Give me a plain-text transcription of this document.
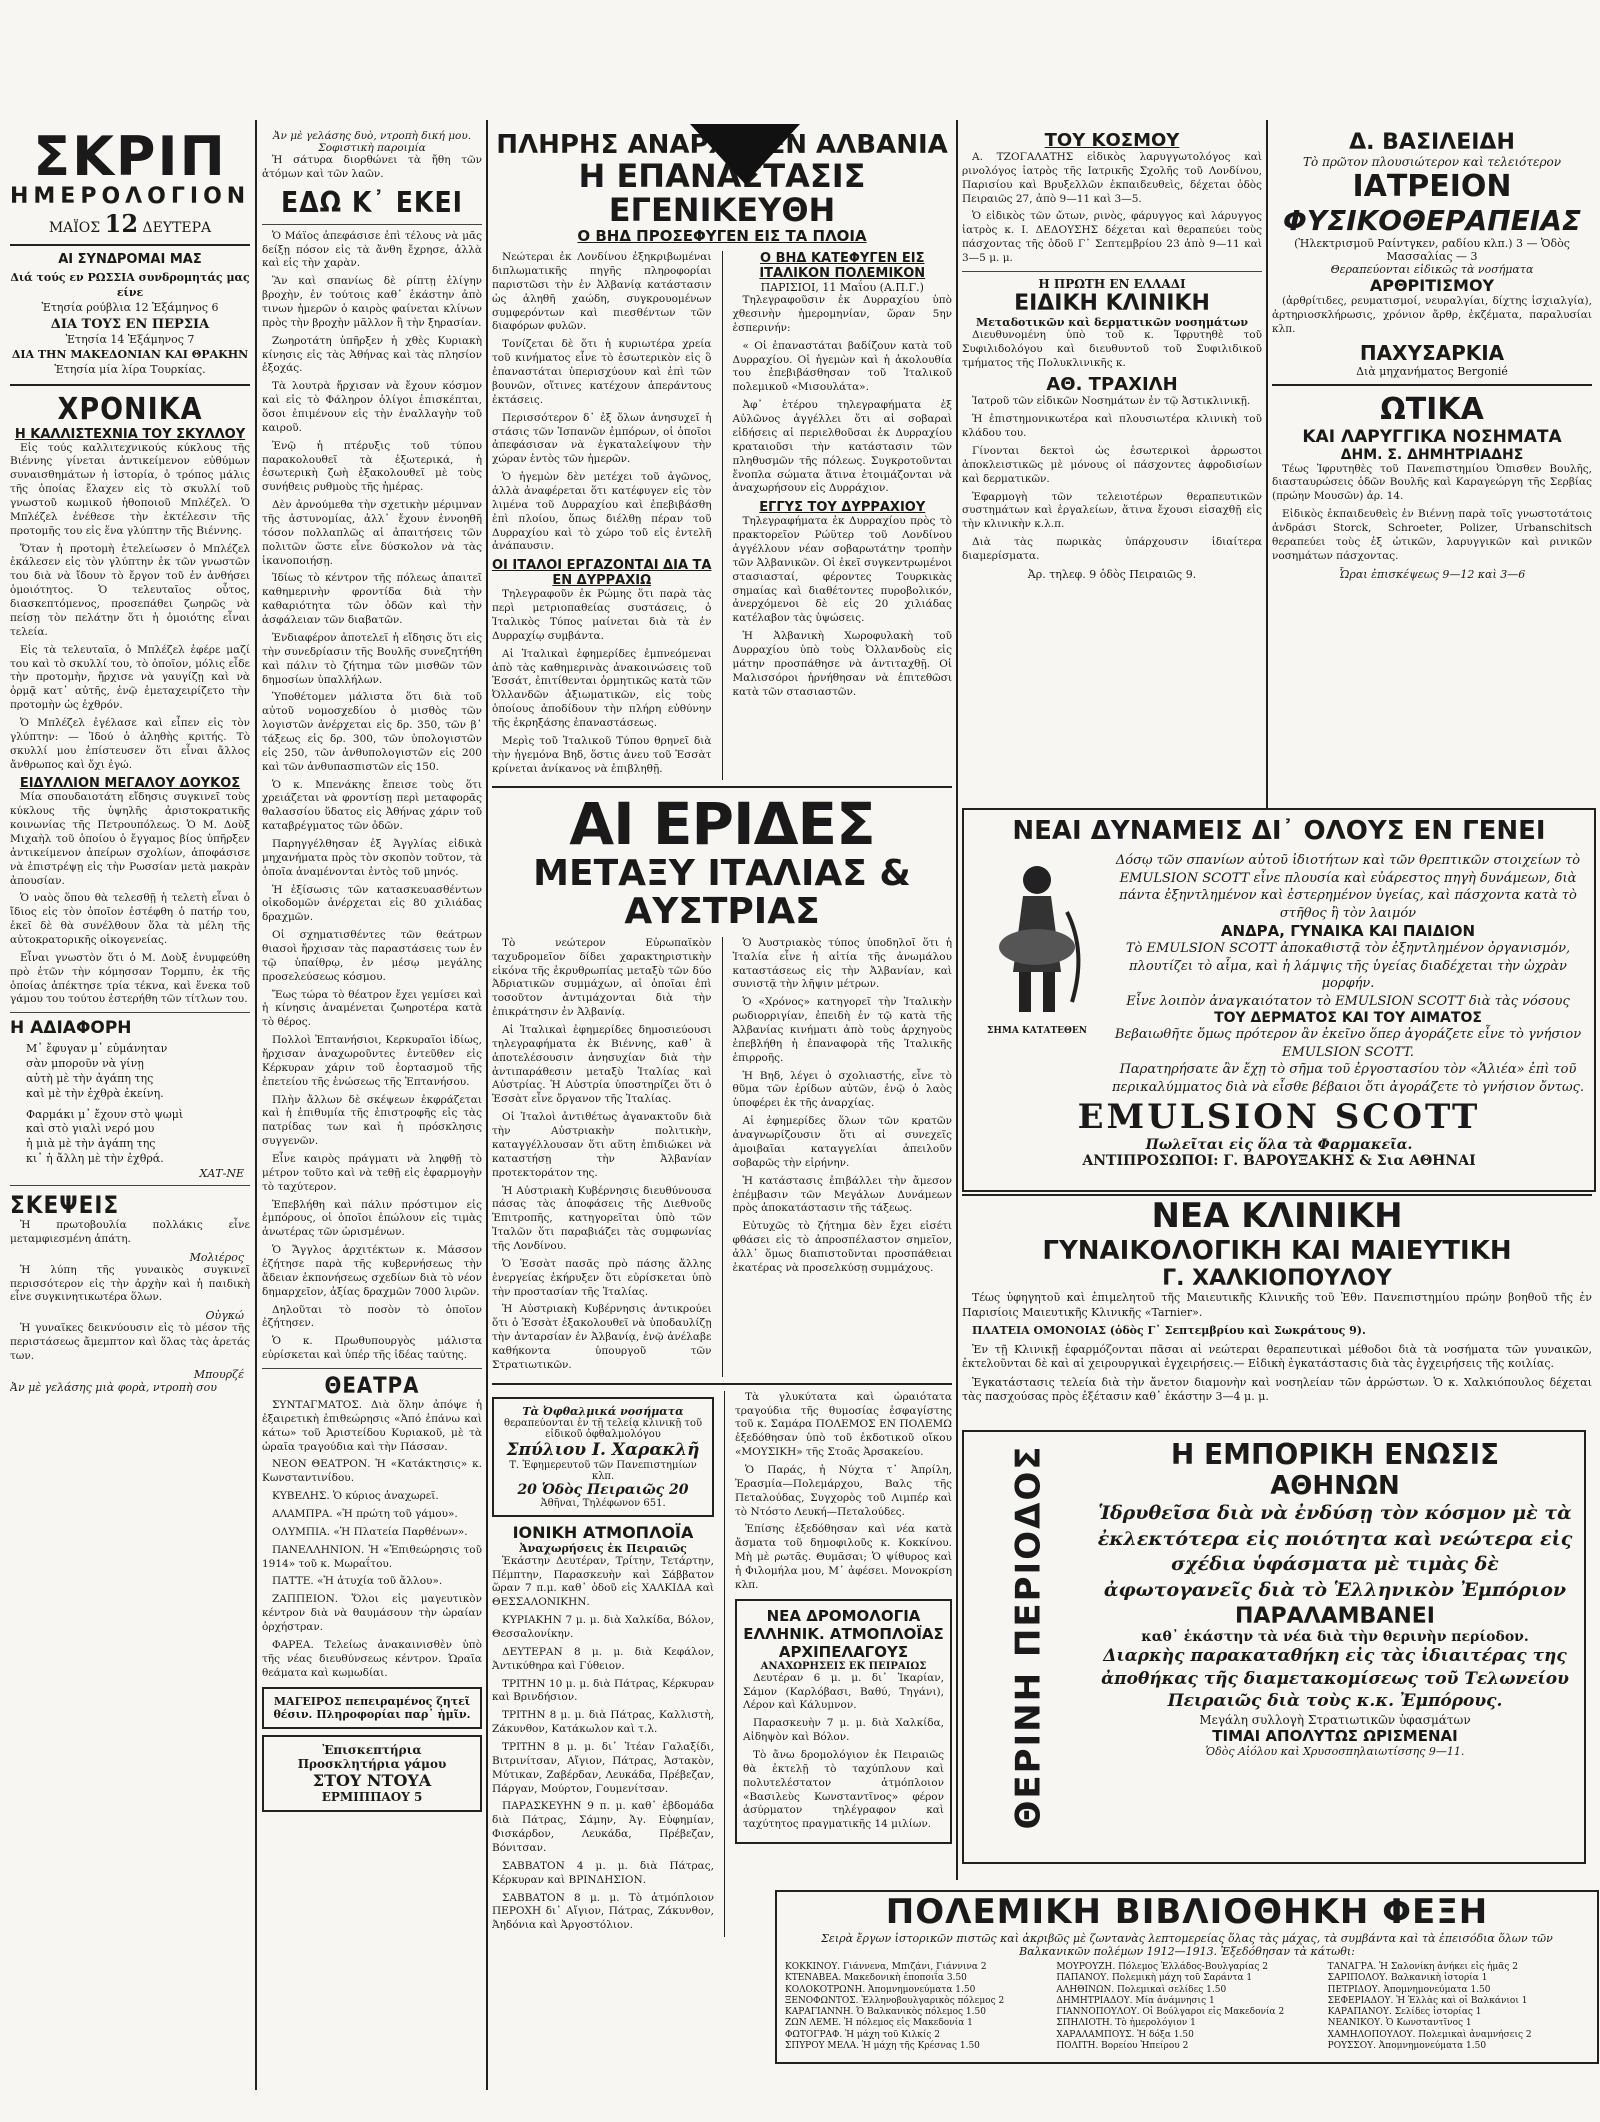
ΣΚΡΙΠ
ΗΜΕΡΟΛΟΓΙΟΝ
ΜΑΪΟΣ 12 ΔΕΥΤΕΡΑ
ΑΙ ΣΥΝΔΡΟΜΑΙ ΜΑΣ
Διά τούς εν ΡΩΣΣΙΑ συνδρομητάς μας είνε
Ἐτησία ρούβλια 12 Ἑξάμηνος 6
ΔΙΑ ΤΟΥΣ ΕΝ ΠΕΡΣΙΑ
Ἐτησία 14 Ἑξάμηνος 7
ΔΙΑ ΤΗΝ ΜΑΚΕΔΟΝΙΑΝ ΚΑΙ ΘΡΑΚΗΝ
Ἐτησία μία λίρα Τουρκίας.
ΧΡΟΝΙΚΑ
Η ΚΑΛΛΙΣΤΕΧΝΙΑ ΤΟΥ ΣΚΥΛΛΟΥ

Εἰς τούς καλλιτεχνικούς κύκλους τῆς Βιέννης γίνεται ἀντικείμενον εὐθύμων συναισθημάτων ἡ ἱστορία, ὁ τρόπος μάλις τῆς ὁποίας ἔλαχεν εἰς τὸ σκυλλί τοῦ γνωστοῦ κωμικοῦ ἠθοποιοῦ Μπλέζελ. Ὁ Μπλέζελ ἐνέθεσε τὴν ἐκτέλεσιν τῆς προτομῆς του εἰς ἕνα γλύπτην τῆς Βιέννης.

Ὅταν ἡ προτομὴ ἐτελείωσεν ὁ Μπλέζελ ἐκάλεσεν εἰς τὸν γλύπτην ἐκ τῶν γνωστῶν του διὰ νὰ ἴδουν τὸ ἔργον τοῦ ἐν ἀνθήσει ὁμοιότητος. Ὁ τελευταῖος οὗτος, διασκεπτόμενος, προσεπάθει ζωηρῶς νὰ πείσῃ τὸν πελάτην ὅτι ἡ ὁμοιότης εἶναι τελεία.

Εἰς τὰ τελευταῖα, ὁ Μπλέζελ ἐφέρε μαζί του καὶ τὸ σκυλλί του, τὸ ὁποῖον, μόλις εἶδε τὴν προτομὴν, ἤρχισε νὰ γαυγίζῃ καὶ νὰ ὀρμᾷ κατ᾿ αὐτῆς, ἐνῷ ἐμεταχειρίζετο τὴν προτομὴν ὡς ἐχθρόν.

Ὁ Μπλέζελ ἐγέλασε καὶ εἶπεν εἰς τὸν γλύπτην: — Ἰδού ὁ ἀληθὴς κριτής. Τὸ σκυλλί μου ἐπίστευσεν ὅτι εἶναι ἄλλος ἄνθρωπος καὶ ὄχι ἐγώ.

ΕΙΔΥΛΛΙΟΝ ΜΕΓΑΛΟΥ ΔΟΥΚΟΣ

Μία σπουδαιοτάτη εἴδησις συγκινεῖ τοὺς κύκλους τῆς ὑψηλῆς ἀριστοκρατικῆς κοινωνίας τῆς Πετρουπόλεως. Ὁ Μ. Δοὺξ Μιχαὴλ τοῦ ὁποίου ὁ ἔγγαμος βίος ὑπῆρξεν ἀντικείμενον ἀπείρων σχολίων, ἀποφάσισε νὰ ἐπιστρέψῃ εἰς τὴν Ρωσσίαν μετὰ μακρὰν ἀπουσίαν.

Ὁ ναὸς ὅπου θὰ τελεσθῇ ἡ τελετὴ εἶναι ὁ ἴδιος εἰς τὸν ὁποῖον ἐστέφθη ὁ πατήρ του, ἐκεῖ δὲ θὰ συνέλθουν ὅλα τὰ μέλη τῆς αὐτοκρατορικῆς οἰκογενείας.

Εἶναι γνωστὸν ὅτι ὁ Μ. Δοὺξ ἐνυμφεύθη πρὸ ἐτῶν τὴν κόμησσαν Τορμπυ, ἐκ τῆς ὁποίας ἀπέκτησε τρία τέκνα, καὶ ἕνεκα τοῦ γάμου του τούτου ἐστερήθη τῶν τίτλων του.

Η ΑΔΙΑΦΟΡΗ
Μ᾿ ἔφυγαν μ᾿ εὐμάνηταν
σὰν μποροῦν νὰ γίνῃ
αὐτὴ μὲ τὴν ἀγάπη της
καὶ μὲ τὴν ἐχθρὰ ἐκείνη.
Φαρμάκι μ᾿ ἔχουν στὸ ψωμὶ
καὶ στὸ γιαλὶ νερό μου
ἡ μιὰ μὲ τὴν ἀγάπη της
κι᾿ ἡ ἄλλη μὲ τὴν ἐχθρά.
ΧΑΤ-ΝΕ
ΣΚΕΨΕΙΣ

Ἡ πρωτοβουλία πολλάκις εἶνε μεταμφιεσμένη ἀπάτη.

Μολιέρος

Ἡ λύπη τῆς γυναικὸς συγκινεῖ περισσότερον εἰς τὴν ἀρχὴν καὶ ἡ παιδικὴ εἶνε συγκινητικωτέρα ὅλων.

Οὐγκώ

Ἡ γυναῖκες δεικνύουσιν εἰς τὸ μέσον τῆς περιστάσεως ἄμεμπτον καὶ ὅλας τὰς ἀρετάς των.

Μπουρζέ
Ἀν μὲ γελάσης μιὰ φορὰ, ντροπὴ σου
Ἀν μὲ γελάσης δυὸ, ντροπὴ δική μου. Σοφιστικὴ παροιμία

Ἡ σάτυρα διορθώνει τὰ ἤθη τῶν ἀτόμων καὶ τῶν λαῶν.

ΕΔΩ Κ᾿ ΕΚΕΙ

Ὁ Μάϊος ἀπεφάσισε ἐπὶ τέλους νὰ μᾶς δείξῃ πόσον εἰς τὰ ἄνθη ἔχρησε, ἀλλὰ καὶ εἰς τὴν χαρὰν.

Ἂν καὶ σπανίως δὲ ρίπτῃ ἐλίγην βροχὴν, ἐν τούτοις καθ᾿ ἑκάστην ἀπὸ τινων ἡμερῶν ὁ καιρὸς φαίνεται κλίνων πρὸς τὴν βροχὴν μᾶλλον ἢ τὴν ξηρασίαν.

Ζωηροτάτη ὑπῆρξεν ἡ χθὲς Κυριακὴ κίνησις εἰς τὰς Ἀθήνας καὶ τὰς πλησίον ἐξοχάς.

Τὰ λουτρὰ ἤρχισαν νὰ ἔχουν κόσμον καὶ εἰς τὸ Φάληρον ὀλίγοι ἐπισκέπται, ὅσοι ἐπιμένουν εἰς τὴν ἐναλλαγὴν τοῦ καιροῦ.

Ἐνῷ ἡ πτέρυξις τοῦ τύπου παρακολουθεῖ τὰ ἐξωτερικά, ἡ ἐσωτερικὴ ζωὴ ἐξακολουθεῖ μὲ τοὺς συνήθεις ρυθμοὺς τῆς ἡμέρας.

Δὲν ἀρνούμεθα τὴν σχετικὴν μέριμναν τῆς ἀστυνομίας, ἀλλ᾿ ἔχουν ἐννοηθῆ τόσον πολλαπλῶς αἱ ἀπαιτήσεις τῶν πολιτῶν ὥστε εἶνε δύσκολον νὰ τὰς ἱκανοποιήσῃ.

Ἰδίως τὸ κέντρον τῆς πόλεως ἀπαιτεῖ καθημερινὴν φροντίδα διὰ τὴν καθαριότητα τῶν ὁδῶν καὶ τὴν ἀσφάλειαν τῶν διαβατῶν.

Ἐνδιαφέρον ἀποτελεῖ ἡ εἴδησις ὅτι εἰς τὴν συνεδρίασιν τῆς Βουλῆς συνεζητήθη καὶ πάλιν τὸ ζήτημα τῶν μισθῶν τῶν δημοσίων ὑπαλλήλων.

Ὑποθέτομεν μάλιστα ὅτι διὰ τοῦ αὐτοῦ νομοσχεδίου ὁ μισθὸς τῶν λογιστῶν ἀνέρχεται εἰς δρ. 350, τῶν β᾿ τάξεως εἰς δρ. 300, τῶν ὑπολογιστῶν εἰς 250, τῶν ἀνθυπολογιστῶν εἰς 200 καὶ τῶν ἀνθυπασπιστῶν εἰς 150.

Ὁ κ. Μπενάκης ἔπεισε τοὺς ὅτι χρειάζεται νὰ φροντίσῃ περὶ μεταφορᾶς θαλασσίου ὕδατος εἰς Ἀθήνας χάριν τοῦ καταβρέγματος τῶν ὁδῶν.

Παρηγγέλθησαν ἐξ Ἀγγλίας εἰδικὰ μηχανήματα πρὸς τὸν σκοπὸν τοῦτον, τὰ ὁποῖα ἀναμένονται ἐντὸς τοῦ μηνός.

Ἡ ἐξίσωσις τῶν κατασκευασθέντων οἰκοδομῶν ἀνέρχεται εἰς 80 χιλιάδας δραχμῶν.

Οἱ σχηματισθέντες τῶν θεάτρων θιασοὶ ἤρχισαν τὰς παραστάσεις των ἐν τῷ ὑπαίθρῳ, ἐν μέσῳ μεγάλης προσελεύσεως κόσμου.

Ἔως τώρα τὸ θέατρον ἔχει γεμίσει καὶ ἡ κίνησις ἀναμένεται ζωηροτέρα κατὰ τὸ θέρος.

Πολλοὶ Ἐπτανήσιοι, Κερκυραῖοι ἰδίως, ἤρχισαν ἀναχωροῦντες ἐντεῦθεν εἰς Κέρκυραν χάριν τοῦ ἑορτασμοῦ τῆς ἐπετείου τῆς ἑνώσεως τῆς Ἑπτανήσου.

Πλὴν ἄλλων δὲ σκέψεων ἐκφράζεται καὶ ἡ ἐπιθυμία τῆς ἐπιστροφῆς εἰς τὰς πατρίδας των καὶ ἡ πρόσκλησις συγγενῶν.

Εἶνε καιρὸς πράγματι νὰ ληφθῇ τὸ μέτρον τοῦτο καὶ νὰ τεθῇ εἰς ἐφαρμογὴν τὸ ταχύτερον.

Ἐπεβλήθη καὶ πάλιν πρόστιμον εἰς ἐμπόρους, οἱ ὁποῖοι ἐπώλουν εἰς τιμὰς ἀνωτέρας τῶν ὡρισμένων.

Ὁ Ἄγγλος ἀρχιτέκτων κ. Μάσσον ἐζήτησε παρὰ τῆς κυβερνήσεως τὴν ἄδειαν ἐκπονήσεως σχεδίων διὰ τὸ νέον δημαρχεῖον, ἀξίας δραχμῶν 7000 λιρῶν.

Δηλοῦται τὸ ποσὸν τὸ ὁποῖον ἐζήτησεν.

Ὁ κ. Πρωθυπουργὸς μάλιστα εὑρίσκεται καὶ ὑπέρ τῆς ἰδέας ταύτης.

ΘΕΑΤΡΑ

ΣΥΝΤΑΓΜΑΤΟΣ. Διὰ ὅλην ἀπόψε ἡ ἐξαιρετικὴ ἐπιθεώρησις «Ἀπό ἐπάνω καὶ κάτω» τοῦ Ἀριστείδου Κυριακοῦ, μὲ τὰ ὡραῖα τραγούδια καὶ τὴν Πάσσαν.

ΝΕΟΝ ΘΕΑΤΡΟΝ. Ἡ «Κατάκτησις» κ. Κωνσταντινίδου.

ΚΥΒΕΛΗΣ. Ὁ κύριος ἀναχωρεῖ.

ΑΛΑΜΠΡΑ. «Ἡ πρώτη τοῦ γάμου».

ΟΛΥΜΠΙΑ. «Ἡ Πλατεία Παρθένων».

ΠΑΝΕΛΛΗΝΙΟΝ. Ἡ «Ἐπιθεώρησις τοῦ 1914» τοῦ κ. Μωραΐτου.

ΠΑΤΤΕ. «Ἡ ἀτυχία τοῦ ἄλλου».

ΖΑΠΠΕΙΟΝ. Ὅλοι εἰς μαγευτικὸν κέντρον διὰ νὰ θαυμάσουν τὴν ὡραίαν ὀρχήστραν.

ΦΑΡΕΑ. Τελείως ἀνακαινισθὲν ὑπὸ τῆς νέας διευθύνσεως κέντρον. Ὡραῖα θεάματα καὶ κωμωδίαι.

ΜΑΓΕΙΡΟΣ πεπειραμένος ζητεῖ θέσιν. Πληροφορίαι παρ᾿ ἡμῖν.
Ἐπισκεπτήρια
Προσκλητήρια γάμου
ΣΤΟΥ ΝΤΟΥΑ
ΕΡΜΙΠΠΑΟΥ 5
ΠΛΗΡΗΣ ΑΝΑΡΧΙΑ ΕΝ ΑΛΒΑΝΙΑ
Η ΕΠΑΝΑΣΤΑΣΙΣ ΕΓΕΝΙΚΕΥΘΗ
Ο ΒΗΔ ΠΡΟΣΕΦΥΓΕΝ ΕΙΣ ΤΑ ΠΛΟΙΑ

Νεώτεραι ἐκ Λονδίνου ἐξηκριβωμέναι διπλωματικῆς πηγῆς πληροφορίαι παριστῶσι τὴν ἐν Ἀλβανίᾳ κατάστασιν ὡς ἀληθῆ χαώδη, συγκρουομένων συμφερόντων καὶ πιεσθέντων τῶν διαφόρων φυλῶν.

Τονίζεται δὲ ὅτι ἡ κυριωτέρα χρεία τοῦ κινήματος εἶνε τὸ ἐσωτερικὸν εἰς ὃ ἐπαναστάται ὑπερισχύουν καὶ ἐπὶ τῶν βουνῶν, οἵτινες κατέχουν ἀπεράντους ἐκτάσεις.

Περισσότερον δ᾿ ἐξ ὅλων ἀνησυχεῖ ἡ στάσις τῶν Ἰσπανῶν ἐμπόρων, οἱ ὁποῖοι ἀπεφάσισαν νὰ ἐγκαταλείψουν τὴν χώραν ἐντὸς τῶν ἡμερῶν.

Ὁ ἡγεμὼν δὲν μετέχει τοῦ ἀγῶνος, ἀλλὰ ἀναφέρεται ὅτι κατέφυγεν εἰς τὸν λιμένα τοῦ Δυρραχίου καὶ ἐπεβιβάσθη ἐπὶ πλοίου, ὅπως διέλθῃ πέραν τοῦ Δυρραχίου καὶ τὸ χώρο τοῦ εἰς ἐντελῆ ἀνάπαυσιν.

ΟΙ ΙΤΑΛΟΙ ΕΡΓΑΖΟΝΤΑΙ ΔΙΑ ΤΑ ΕΝ ΔΥΡΡΑΧΙΩ

Τηλεγραφοῦν ἐκ Ρώμης ὅτι παρὰ τὰς περὶ μετριοπαθείας συστάσεις, ὁ Ἰταλικὸς Τύπος μαίνεται διὰ τὰ ἐν Δυρραχίῳ συμβάντα.

Αἱ Ἰταλικαὶ ἐφημερίδες ἐμπνεόμεναι ἀπὸ τὰς καθημερινὰς ἀνακοινώσεις τοῦ Ἐσσάτ, ἐπιτίθενται ὁρμητικῶς κατὰ τῶν Ὀλλανδῶν ἀξιωματικῶν, εἰς τοὺς ὁποίους ἀποδίδουν τὴν πλήρη εὐθύνην τῆς ἐκρηξάσης ἐπαναστάσεως.

Μερὶς τοῦ Ἰταλικοῦ Τύπου θρηνεῖ διὰ τὴν ἡγεμόνα Βηδ, ὅστις ἀνευ τοῦ Ἐσσὰτ κρίνεται ἀνίκανος νὰ ἐπιβληθῇ.

Ο ΒΗΔ ΚΑΤΕΦΥΓΕΝ ΕΙΣ ΙΤΑΛΙΚΟΝ ΠΟΛΕΜΙΚΟΝ
ΠΑΡΙΣΙΟΙ, 11 Μαΐου (Α.Π.Γ.)

Τηλεγραφοῦσιν ἐκ Δυρραχίου ὑπὸ χθεσινὴν ἡμερομηνίαν, ὥραν 5ην ἑσπερινήν:

« Οἱ ἐπαναστάται βαδίζουν κατὰ τοῦ Δυρραχίου. Οἱ ἠγεμὼν καὶ ἡ ἀκολουθία του ἐπεβιβάσθησαν τοῦ Ἰταλικοῦ πολεμικοῦ «Μισουλάτα».

Ἀφ᾿ ἑτέρου τηλεγραφήματα ἐξ Αὐλῶνος ἀγγέλλει ὅτι αἱ σοβαραὶ εἰδήσεις αἱ περιελθοῦσαι ἐκ Δυρραχίου κραταιοῦσι τὴν κατάστασιν τῶν πληθυσμῶν τῆς πόλεως. Συγκροτοῦνται ἔνοπλα σώματα ἅτινα ἑτοιμάζονται νὰ ἀναχωρήσουν εἰς Δυρράχιον.

ΕΓΓΥΣ ΤΟΥ ΔΥΡΡΑΧΙΟΥ

Τηλεγραφήματα ἐκ Δυρραχίου πρὸς τὸ πρακτορεῖον Ρώϋτερ τοῦ Λονδίνου ἀγγέλλουν νέαν σοβαρωτάτην τροπὴν τῶν Ἀλβανικῶν. Οἱ ἐκεῖ συγκεντρωμένοι στασιασταί, φέροντες Τουρκικὰς σημαίας καὶ διαθέτοντες πυροβολικόν, ἀνερχόμενοι δὲ εἰς 20 χιλιάδας κατέλαβον τὰς ὑψώσεις.

Ἡ Ἀλβανικὴ Χωροφυλακὴ τοῦ Δυρραχίου ὑπὸ τοὺς Ὀλλανδοὺς εἰς μάτην προσπάθησε νὰ ἀντιταχθῇ. Οἱ Μαλισσόροι ἠρνήθησαν νὰ ἐπιτεθῶσι κατὰ τῶν στασιαστῶν.

ΑΙ ΕΡΙΔΕΣ
ΜΕΤΑΞΥ ΙΤΑΛΙΑΣ & ΑΥΣΤΡΙΑΣ

Τὸ νεώτερον Εὐρωπαϊκὸν ταχυδρομεῖον δίδει χαρακτηριστικὴν εἰκόνα τῆς ἐκρυθρωπίας μεταξὺ τῶν δύο Ἀδριατικῶν συμμάχων, αἱ ὁποῖαι ἐπὶ τοσοῦτον ἀντιμάχονται διὰ τὴν ἐπικράτησιν ἐν Ἀλβανίᾳ.

Αἱ Ἰταλικαὶ ἐφημερίδες δημοσιεύουσι τηλεγραφήματα ἐκ Βιέννης, καθ᾿ ἃ ἀποτελέσουσιν ἀνησυχίαν διὰ τὴν ἀντιπαράθεσιν μεταξὺ Ἰταλίας καὶ Αὐστρίας. Ἡ Αὐστρία ὑποστηρίζει ὅτι ὁ Ἐσσὰτ εἶνε ὄργανον τῆς Ἰταλίας.

Οἱ Ἰταλοὶ ἀντιθέτως ἀγανακτοῦν διὰ τὴν Αὐστριακὴν πολιτικὴν, καταγγέλλουσαν ὅτι αὕτη ἐπιδιώκει νὰ καταστήσῃ τὴν Ἀλβανίαν προτεκτοράτον της.

Ἡ Αὐστριακὴ Κυβέρνησις διευθύνουσα πάσας τὰς ἀποφάσεις τῆς Διεθνοῦς Ἐπιτροπῆς, κατηγορεῖται ὑπὸ τῶν Ἰταλῶν ὅτι παραβιάζει τὰς συμφωνίας τῆς Λονδίνου.

Ὁ Ἐσσὰτ πασᾶς πρὸ πάσης ἄλλης ἐνεργείας ἐκήρυξεν ὅτι εὑρίσκεται ὑπὸ τὴν προστασίαν τῆς Ἰταλίας.

Ἡ Αὐστριακὴ Κυβέρνησις ἀντικρούει ὅτι ὁ Ἐσσὰτ ἐξακολουθεῖ νὰ ὑποδαυλίζῃ τὴν ἀνταρσίαν ἐν Ἀλβανίᾳ, ἐνῷ ἀνέλαβε καθήκοντα ὑπουργοῦ τῶν Στρατιωτικῶν.

Ὁ Ἀυστριακὸς τύπος ὑποδηλοῖ ὅτι ἡ Ἰταλία εἶνε ἡ αἰτία τῆς ἀνωμάλου καταστάσεως εἰς τὴν Ἀλβανίαν, καὶ συνιστᾷ τὴν λῆψιν μέτρων.

Ὁ «Χρόνος» κατηγορεῖ τὴν Ἰταλικὴν ρωδιορριγίαν, ἐπειδὴ ἐν τῷ κατὰ τῆς Ἀλβανίας κινήματι ἀπὸ τοὺς ἀρχηγοὺς ἐπεβλήθη ἡ ἐπαναφορὰ τῆς Ἰταλικῆς ἐπιρροῆς.

Ἡ Βηδ, λέγει ὁ σχολιαστής, εἶνε τὸ θῦμα τῶν ἐρίδων αὐτῶν, ἐνῷ ὁ λαὸς ὑποφέρει ἐκ τῆς ἀναρχίας.

Αἱ ἐφημερίδες ὅλων τῶν κρατῶν ἀναγνωρίζουσιν ὅτι αἱ συνεχεῖς ἀμοιβαῖαι καταγγελίαι ἀπειλοῦν σοβαρῶς τὴν εἰρήνην.

Ἡ κατάστασις ἐπιβάλλει τὴν ἄμεσον ἐπέμβασιν τῶν Μεγάλων Δυνάμεων πρὸς ἀποκατάστασιν τῆς τάξεως.

Εὐτυχῶς τὸ ζήτημα δὲν ἔχει εἰσέτι φθάσει εἰς τὸ ἀπροσπέλαστον σημεῖον, ἀλλ᾿ ὅμως διαπιστοῦνται προσπάθειαι ἑκατέρας νὰ προσελκύσῃ συμμάχους.

Τὰ Ὀφθαλμικά νοσήματα
θεραπεύονται ἐν τῇ τελείᾳ κλινικῇ τοῦ εἰδικοῦ ὀφθαλμολόγου
Σπύλιου Ι. Χαρακλῆ
Τ. Ἐφημερευτοῦ τῶν Πανεπιστημίων κλπ.
20 Ὁδὸς Πειραιῶς 20
Ἀθῆναι, Τηλέφωνον 651.
ΙΟΝΙΚΗ ΑΤΜΟΠΛΟΪΑ
Ἀναχωρήσεις ἐκ Πειραιῶς

Ἑκάστην Δευτέραν, Τρίτην, Τετάρτην, Πέμπτην, Παρασκευὴν καὶ Σάββατον ὥραν 7 π.μ. καθ᾿ ὁδοῦ εἰς ΧΑΛΚΙΔΑ καὶ ΘΕΣΣΑΛΟΝΙΚΗΝ.

ΚΥΡΙΑΚΗΝ 7 μ. μ. διὰ Χαλκίδα, Βόλον, Θεσσαλονίκην.

ΔΕΥΤΕΡΑΝ 8 μ. μ. διὰ Κεφάλον, Ἀντικύθηρα καὶ Γύθειον.

ΤΡΙΤΗΝ 10 μ. μ. διὰ Πάτρας, Κέρκυραν καὶ Βρινδήσιον.

ΤΡΙΤΗΝ 8 μ. μ. διὰ Πάτρας, Καλλιστὴ, Ζάκυνθον, Κατάκωλον καὶ τ.λ.

ΤΡΙΤΗΝ 8 μ. μ. δι᾿ Ἰτέαν Γαλαξίδι, Βιτρινίτσαν, Αἴγιον, Πάτρας, Ἀστακὸν, Μύτικαν, Ζαβέρδαν, Λευκάδα, Πρέβεζαν, Πάργαν, Μούρτον, Γουμενίτσαν.

ΠΑΡΑΣΚΕΥΗΝ 9 π. μ. καθ᾿ ἑβδομάδα διὰ Πάτρας, Σάμην, Ἀγ. Εὐφημίαν, Φισκάρδον, Λευκάδα, Πρέβεζαν, Βόνιτσαν.

ΣΑΒΒΑΤΟΝ 4 μ. μ. διὰ Πάτρας, Κέρκυραν καὶ ΒΡΙΝΔΗΣΙΟΝ.

ΣΑΒΒΑΤΟΝ 8 μ. μ. Τὸ ἀτμόπλοιον ΠΕΡΟΧΗ δι᾿ Αἴγιον, Πάτρας, Ζάκυνθον, Ἀηδόνια καὶ Ἀργοστόλιον.

Τὰ γλυκύτατα καὶ ὡραιότατα τραγούδια τῆς θυμοσίας ἐσφαγίστης τοῦ κ. Σαμάρα ΠΟΛΕΜΟΣ ΕΝ ΠΟΛΕΜΩ ἐξεδόθησαν ὑπὸ τοῦ ἐκδοτικοῦ οἴκου «ΜΟΥΣΙΚΗ» τῆς Στοᾶς Ἀρσακείου.

Ὁ Παράς, ἡ Νύχτα τ᾿ Ἀπρίλη, Ἐρασμία—Πολεμάρχου, Βαλς τῆς Πεταλούδας, Συγχορὸς τοῦ Λιμπέρ καὶ τὸ Ντόστο Λευκή—Πεταλούδες.

Ἐπίσης ἐξεδόθησαν καὶ νέα κατὰ ἄσματα τοῦ δημοφιλοῦς κ. Κοκκίνου. Μὴ μὲ ρωτᾶς. Θυμᾶσαι; Ὁ ψίθυρος καὶ ἡ Φιλομήλα μου, Μ᾿ ἀφέσει. Μονοκρίση κλπ.

ΝΕΑ ΔΡΟΜΟΛΟΓΙΑ
ΕΛΛΗΝΙΚ. ΑΤΜΟΠΛΟΪΑΣ
ΑΡΧΙΠΕΛΑΓΟΥΣ
ΑΝΑΧΩΡΗΣΕΙΣ ΕΚ ΠΕΙΡΑΙΩΣ

Δευτέραν 6 μ. μ. δι᾿ Ἰκαρίαν, Σάμον (Καρλόβασι, Βαθύ, Τηγάνι), Λέρον καὶ Κάλυμνον.

Παρασκευὴν 7 μ. μ. διὰ Χαλκίδα, Αἰδηψὸν καὶ Βόλον.

Τὸ ἄνω δρομολόγιον ἐκ Πειραιῶς θὰ ἐκτελῇ τὸ ταχύπλουν καὶ πολυτελέστατον ἀτμόπλοιον «Βασιλεὺς Κωνσταντῖνος» φέρον ἀσύρματον τηλέγραφον καὶ ταχύτητος πραγματικῆς 14 μιλίων.

ΤΟΥ ΚΟΣΜΟΥ

Α. ΤΖΟΓΑΛΑΤΗΣ εἰδικὸς λαρυγγωτολόγος καὶ ρινολόγος ἰατρὸς τῆς Ιατρικῆς Σχολῆς τοῦ Λονδίνου, Παρισίου καὶ Βρυξελλῶν ἐκπαιδευθεὶς, δέχεται ὁδὸς Πειραιῶς 27, ἀπὸ 9—11 καὶ 3—5.

Ὁ εἰδικὸς τῶν ὤτων, ρινὸς, φάρυγγος καὶ λάρυγγος ἰατρὸς κ. Ι. ΔΕΔΟΥΣΗΣ δέχεται καὶ θεραπεύει τοὺς πάσχοντας τῆς ὁδοῦ Γ᾿ Σεπτεμβρίου 23 ἀπὸ 9—11 καὶ 3—5 μ. μ.

Η ΠΡΩΤΗ ΕΝ ΕΛΛΑΔΙ
ΕΙΔΙΚΗ ΚΛΙΝΙΚΗ
Μεταδοτικῶν καὶ δερματικῶν νοσημάτων

Διευθυνομένη ὑπὸ τοῦ κ. Ἰφρυτηθὲ τοῦ Συφιλιδολόγου καὶ διευθυντοῦ τοῦ Συφιλιδικοῦ τμήματος τῆς Πολυκλινικῆς κ.

ΑΘ. ΤΡΑΧΙΛΗ

Ἰατροῦ τῶν εἰδικῶν Νοσημάτων ἐν τῷ Ἀστικλινικῇ.

Ἡ ἐπιστημονικωτέρα καὶ πλουσιωτέρα κλινικὴ τοῦ κλάδου του.

Γίνονται δεκτοὶ ὡς ἐσωτερικοὶ ἀρρωστοι ἀποκλειστικῶς μὲ μόνους οἱ πάσχοντες ἀφροδισίων καὶ δερματικῶν.

Ἐφαρμογὴ τῶν τελειοτέρων θεραπευτικῶν συστημάτων καὶ ἐργαλείων, ἅτινα ἔχουσι εἰσαχθῇ εἰς τὴν κλινικὴν κ.λ.π.

Διὰ τὰς πωρικὰς ὑπάρχουσιν ἰδιαίτερα διαμερίσματα.

Ἀρ. τηλεφ. 9 ὁδὸς Πειραιῶς 9.
Δ. ΒΑΣΙΛΕΙΔΗ
Τὸ πρῶτον πλουσιώτερον καὶ τελειότερον
ΙΑΤΡΕΙΟΝ
ΦΥΣΙΚΟΘΕΡΑΠΕΙΑΣ
(Ἠλεκτρισμοῦ Ραίντγκεν, ραδίου κλπ.) 3 — Ὁδὸς Μασσαλίας — 3
Θεραπεύονται εἰδικῶς τὰ νοσήματα
ΑΡΘΡΙΤΙΣΜΟΥ

(ἀρθρίτιδες, ρευματισμοί, νευραλγίαι, δίχτης ἰσχιαλγία), ἀρτηριοσκλήρωσις, χρόνιον ἄρθρ, ἐκζέματα, παραλυσίαι κλπ.

ΠΑΧΥΣΑΡΚΙΑ
Διὰ μηχανήματος Bergonié
ΩΤΙΚΑ
ΚΑΙ ΛΑΡΥΓΓΙΚΑ ΝΟΣΗΜΑΤΑ
ΔΗΜ. Σ. ΔΗΜΗΤΡΙΑΔΗΣ

Τέως Ἰφρυτηθὲς τοῦ Πανεπιστημίου Ὀπισθεν Βουλῆς, διασταυρώσεις ὁδῶν Βουλῆς καὶ Καραγεώργη τῆς Σερβίας (πρώην Μουσῶν) ἀρ. 14.

Εἰδικὸς ἐκπαιδευθεὶς ἐν Βιέννῃ παρὰ τοῖς γνωστοτάτοις ἀνδράσι Storck, Schroeter, Polizer, Urbanschitsch θεραπεύει τοὺς ἐξ ὠτικῶν, λαρυγγικῶν καὶ ρινικῶν νοσημάτων πάσχοντας.

Ὧραι ἐπισκέψεως 9—12 καὶ 3—6
ΝΕΑΙ ΔΥΝΑΜΕΙΣ ΔΙ᾿ ΟΛΟΥΣ ΕΝ ΓΕΝΕΙ
ΣΗΜΑ ΚΑΤΑΤΕΘΕΝ
Δόσῳ τῶν σπανίων αὐτοῦ ἰδιοτήτων καὶ τῶν θρεπτικῶν στοιχείων τὸ EMULSION SCOTT εἶνε πλουσία καὶ εὐάρεστος πηγὴ δυνάμεων, διὰ πάντα ἐξηντλημένον καὶ ἐστερημένον ὑγείας, καὶ πάσχοντα κατὰ τὸ στῆθος ἢ τὸν λαιμόν
ΑΝΔΡΑ, ΓΥΝΑΙΚΑ ΚΑΙ ΠΑΙΔΙΟΝ
Τὸ EMULSION SCOTT ἀποκαθιστᾷ τὸν ἐξηντλημένον ὀργανισμόν, πλουτίζει τὸ αἷμα, καὶ ἡ λάμψις τῆς ὑγείας διαδέχεται τὴν ὠχρὰν μορφήν.
Εἶνε λοιπὸν ἀναγκαιότατον τὸ EMULSION SCOTT διὰ τὰς νόσους
ΤΟΥ ΔΕΡΜΑΤΟΣ ΚΑΙ ΤΟΥ ΑΙΜΑΤΟΣ
Βεβαιωθῆτε ὅμως πρότερον ἂν ἐκεῖνο ὅπερ ἀγοράζετε εἶνε τὸ γνήσιον EMULSION SCOTT.
Παρατηρήσατε ἂν ἔχῃ τὸ σῆμα τοῦ ἐργοστασίου τὸν «Ἁλιέα» ἐπὶ τοῦ περικαλύμματος διὰ νὰ εἶσθε βέβαιοι ὅτι ἀγοράζετε τὸ γνήσιον ὄντως.
EMULSION SCOTT
Πωλεῖται εἰς ὅλα τὰ Φαρμακεῖα.
ΑΝΤΙΠΡΟΣΩΠΟΙ: Γ. ΒΑΡΟΥΞΑΚΗΣ & Σια ΑΘΗΝΑΙ
ΝΕΑ ΚΛΙΝΙΚΗ
ΓΥΝΑΙΚΟΛΟΓΙΚΗ ΚΑΙ ΜΑΙΕΥΤΙΚΗ
Γ. ΧΑΛΚΙΟΠΟΥΛΟΥ

Τέως ὑφηγητοῦ καὶ ἐπιμελητοῦ τῆς Μαιευτικῆς Κλινικῆς τοῦ Ἐθν. Πανεπιστημίου πρώην βοηθοῦ τῆς ἐν Παρισίοις Μαιευτικῆς Κλινικῆς «Tarnier».

ΠΛΑΤΕΙΑ ΟΜΟΝΟΙΑΣ (ὁδὸς Γ᾿ Σεπτεμβρίου καὶ Σωκράτους 9).

Ἐν τῇ Κλινικῇ ἐφαρμόζονται πᾶσαι αἱ νεώτεραι θεραπευτικαὶ μέθοδοι διὰ τὰ νοσήματα τῶν γυναικῶν, ἐκτελοῦνται δὲ καὶ αἱ χειρουργικαὶ ἐγχειρήσεις.— Εἰδικὴ ἐγκατάστασις διὰ τὰς ἐγχειρήσεις τῆς κοιλίας.

Ἐγκατάστασις τελεία διὰ τὴν ἄνετον διαμονὴν καὶ νοσηλείαν τῶν ἀρρώστων. Ὁ κ. Χαλκιόπουλος δέχεται τὰς πασχούσας πρὸς ἐξέτασιν καθ᾿ ἑκάστην 3—4 μ. μ.

ΘΕΡΙΝΗ ΠΕΡΙΟΔΟΣ	Η ΕΜΠΟΡΙΚΗ ΕΝΩΣΙΣ
ΑΘΗΝΩΝ
Ἱδρυθεῖσα διὰ νὰ ἐνδύσῃ τὸν κόσμον μὲ τὰ ἐκλεκτότερα εἰς ποιότητα καὶ νεώτερα εἰς σχέδια ὑφάσματα μὲ τιμὰς δὲ ἀφωτογανεῖς διὰ τὸ Ἑλληνικὸν Ἐμπόριον
ΠΑΡΑΛΑΜΒΑΝΕΙ
καθ᾿ ἑκάστην τὰ νέα διὰ τὴν θερινὴν περίοδον.
Διαρκὴς παρακαταθήκη εἰς τὰς ἰδιαιτέρας της ἀποθήκας τῆς διαμετακομίσεως τοῦ Τελωνείου Πειραιῶς διὰ τοὺς κ.κ. Ἐμπόρους.
Μεγάλη συλλογὴ Στρατιωτικῶν ὑφασμάτων
ΤΙΜΑΙ ΑΠΟΛΥΤΩΣ ΩΡΙΣΜΕΝΑΙ
Ὁδὸς Αἰόλου καὶ Χρυσοσπηλαιωτίσσης 9—11.
ΠΟΛΕΜΙΚΗ ΒΙΒΛΙΟΘΗΚΗ ΦΕΞΗ
Σειρὰ ἔργων ἱστορικῶν πιστῶς καὶ ἀκριβῶς μὲ ζωντανὰς λεπτομερείας ὅλας τὰς μάχας, τὰ συμβάντα καὶ τὰ ἐπεισόδια ὅλων τῶν Βαλκανικῶν πολέμων 1912—1913. Ἐξεδόθησαν τὰ κάτωθι:
ΚΟΚΚΙΝΟΥ. Γιάννενα, Μπιζάνι, Γιάννινα 2
ΚΤΕΝΑΒΕΑ. Μακεδονικὴ ἐποποιΐα 3.50
ΚΟΛΟΚΟΤΡΩΝΗ. Ἀπομνημονεύματα 1.50
ΞΕΝΟΦΩΝΤΟΣ. Ἑλληνοβουλγαρικὸς πόλεμος 2
ΚΑΡΑΓΙΑΝΝΗ. Ὁ Βαλκανικὸς πόλεμος 1.50
ΖΩΝ ΛΕΜΕ. Ἡ πόλεμος εἰς Μακεδονία 1
ΦΩΤΟΓΡΑΦ. Ἡ μάχη τοῦ Κιλκίς 2
ΣΠΥΡΟΥ ΜΕΛΑ. Ἡ μάχη τῆς Κρέσνας 1.50
ΜΟΥΡΟΥΖΗ. Πόλεμος Ἑλλάδος-Βουλγαρίας 2
ΠΑΠΑΝΟΥ. Πολεμικὴ μάχη τοῦ Σαράντα 1
ΑΛΗΘΙΝΩΝ. Πολεμικαὶ σελίδες 1.50
ΔΗΜΗΤΡΙΑΔΟΥ. Μία ἀνάμνησις 1
ΓΙΑΝΝΟΠΟΥΛΟΥ. Οἱ Βούλγαροι εἰς Μακεδονία 2
ΣΠΗΛΙΟΤΗ. Τὸ ἡμερολόγιον 1
ΧΑΡΑΛΑΜΠΟΥΣ. Ἡ δόξα 1.50
ΠΟΛΙΤΗ. Βορείου Ἠπείρου 2
ΤΑΝΑΓΡΑ. Ἡ Σαλονίκη ἀνήκει εἰς ἡμᾶς 2
ΣΑΡΙΠΟΛΟΥ. Βαλκανικὴ ἱστορία 1
ΠΕΤΡΙΔΟΥ. Ἀπομνημονεύματα 1.50
ΣΕΦΕΡΙΑΔΟΥ. Ἡ Ἑλλὰς καὶ οἱ Βαλκάνιοι 1
ΚΑΡΑΠΑΝΟΥ. Σελίδες ἱστορίας 1
ΝΕΑΝΙΚΟΥ. Ὁ Κωνσταντῖνος 1
ΧΑΜΗΛΟΠΟΥΛΟΥ. Πολεμικαὶ ἀναμνήσεις 2
ΡΟΥΣΣΟΥ. Ἀπομνημονεύματα 1.50
